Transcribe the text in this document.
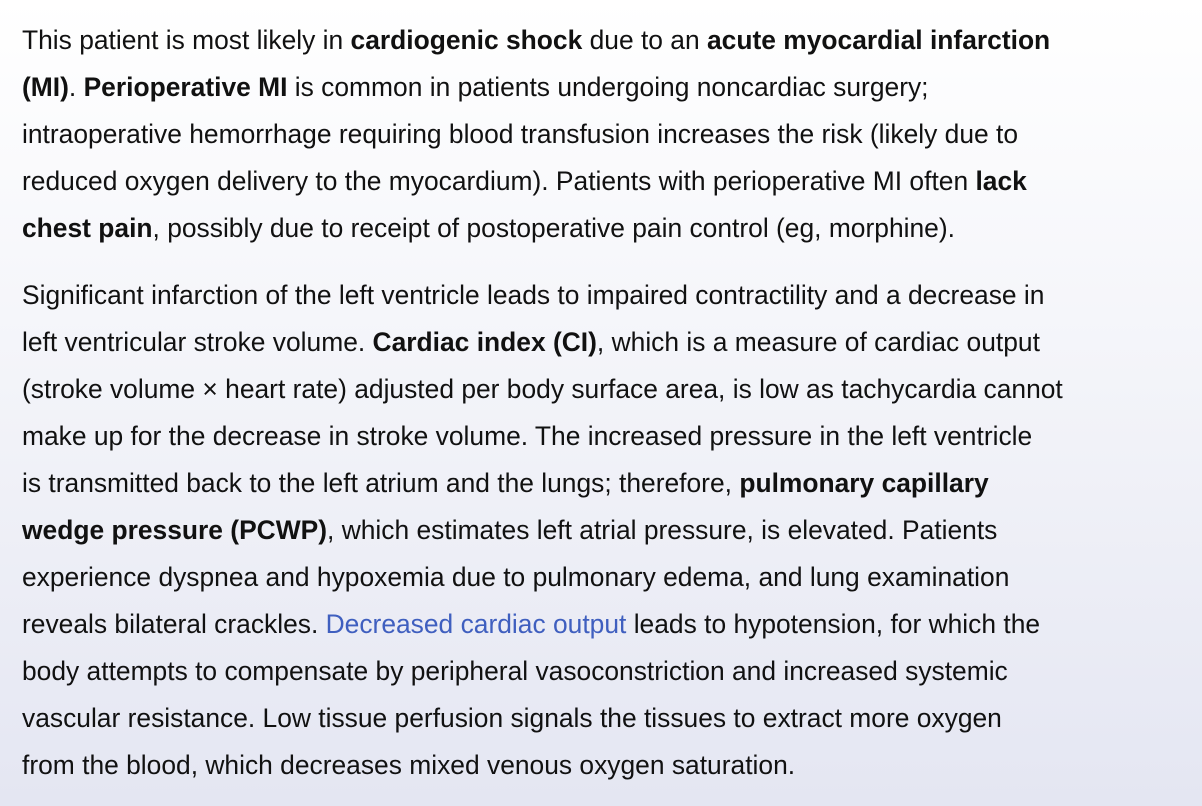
This patient is most likely in cardiogenic shock due to an acute myocardial infarction
(MI). Perioperative MI is common in patients undergoing noncardiac surgery;
intraoperative hemorrhage requiring blood transfusion increases the risk (likely due to
reduced oxygen delivery to the myocardium). Patients with perioperative MI often lack
chest pain, possibly due to receipt of postoperative pain control (eg, morphine).

Significant infarction of the left ventricle leads to impaired contractility and a decrease in
left ventricular stroke volume. Cardiac index (CI), which is a measure of cardiac output
(stroke volume × heart rate) adjusted per body surface area, is low as tachycardia cannot
make up for the decrease in stroke volume. The increased pressure in the left ventricle
is transmitted back to the left atrium and the lungs; therefore, pulmonary capillary
wedge pressure (PCWP), which estimates left atrial pressure, is elevated. Patients
experience dyspnea and hypoxemia due to pulmonary edema, and lung examination
reveals bilateral crackles. Decreased cardiac output leads to hypotension, for which the
body attempts to compensate by peripheral vasoconstriction and increased systemic
vascular resistance. Low tissue perfusion signals the tissues to extract more oxygen
from the blood, which decreases mixed venous oxygen saturation.
